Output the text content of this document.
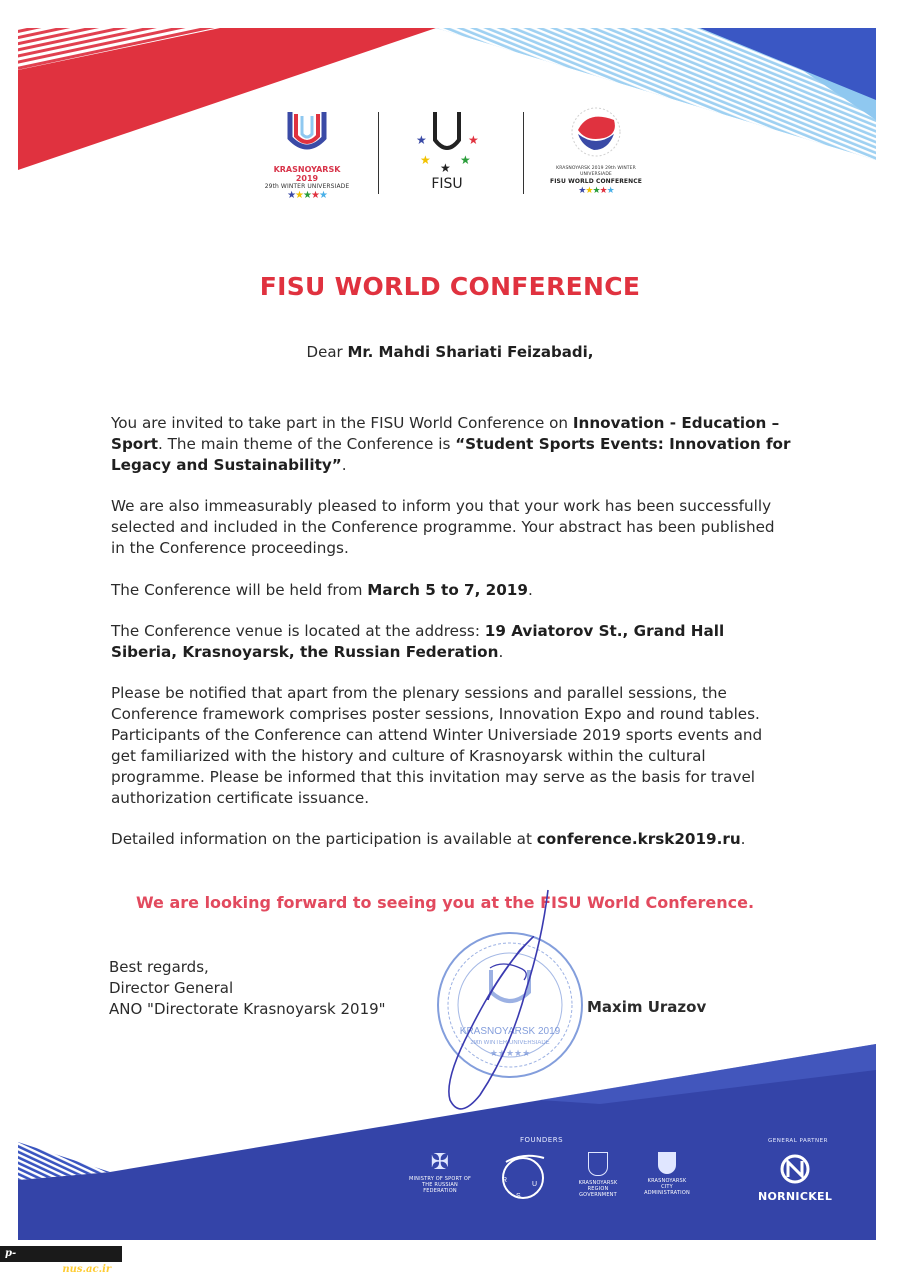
KRASNOYARSK 2019
29th WINTER UNIVERSIADE
★★★★★
★	★
★
★
★
FISU
KRASNOYARSK 2019 29th WINTER UNIVERSIADE
FISU WORLD CONFERENCE
★★★★★
FISU WORLD CONFERENCE
Dear Mr. Mahdi Shariati Feizabadi,
You are invited to take part in the FISU World Conference on Innovation - Education – Sport. The main theme of the Conference is “Student Sports Events: Innovation for Legacy and Sustainability”.
We are also immeasurably pleased to inform you that your work has been successfully selected and included in the Conference programme. Your abstract has been published in the Conference proceedings.
The Conference will be held from March 5 to 7, 2019.
The Conference venue is located at the address: 19 Aviatorov St., Grand Hall Siberia, Krasnoyarsk, the Russian Federation.
Please be notified that apart from the plenary sessions and parallel sessions, the Conference framework comprises poster sessions, Innovation Expo and round tables. Participants of the Conference can attend Winter Universiade 2019 sports events and get familiarized with the history and culture of Krasnoyarsk within the cultural programme. Please be informed that this invitation may serve as the basis for travel authorization certificate issuance.
Detailed information on the participation is available at conference.krsk2019.ru.
We are looking forward to seeing you at the FISU World Conference.
KRASNOYARSK 2019
29th WINTER UNIVERSIADE
★★★★★
Best regards,
Director General
ANO "Directorate Krasnoyarsk 2019"	Maxim Urazov
FOUNDERS	GENERAL PARTNER
✠
MINISTRY OF SPORT OF THE RUSSIAN FEDERATION
R
S
U	KRASNOYARSK REGION GOVERNMENT
KRASNOYARSK CITY ADMINISTRATION	NORNICKEL
p-safadasht.nus.ac.ir
